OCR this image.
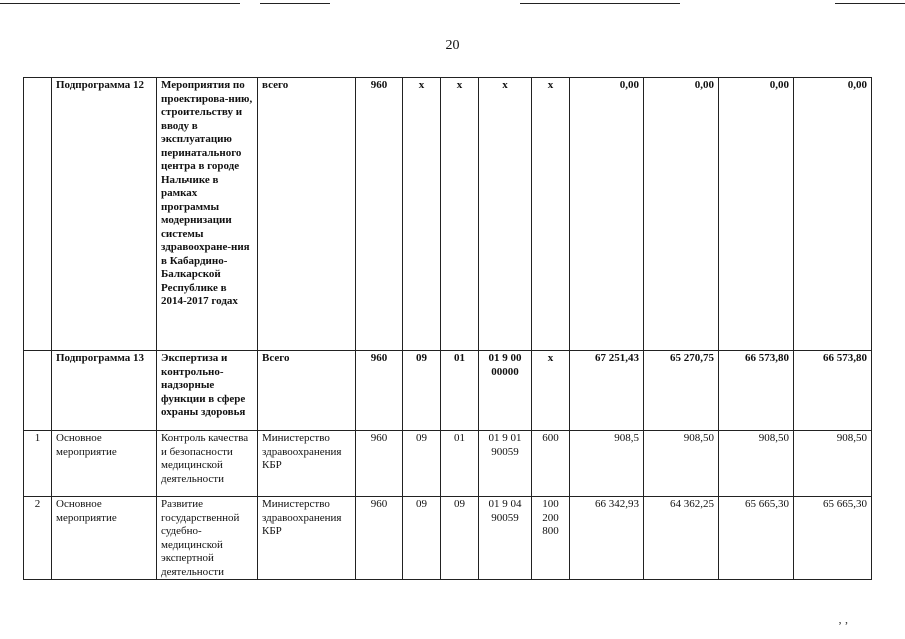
20
	Подпрограмма 12	Мероприятия по проектирова-нию, строительству и вводу в эксплуатацию перинатального центра в городе Нальчике в рамках программы модернизации системы здравоохране-ния в Кабардино-Балкарской Республике в 2014-2017 годах	всего	960	х	х	х	х	0,00	0,00	0,00	0,00
	Подпрограмма 13	Экспертиза и контрольно-надзорные функции в сфере охраны здоровья	Всего	960	09	01	01 9 00 00000	х	67 251,43	65 270,75	66 573,80	66 573,80
1	Основное мероприятие	Контроль качества и безопасности медицинской деятельности	Министерство здравоохранения КБР	960	09	01	01 9 01 90059	600	908,5	908,50	908,50	908,50
2	Основное мероприятие	Развитие государственной судебно-медицинской экспертной деятельности	Министерство здравоохранения КБР	960	09	09	01 9 04 90059	100 200 800	66 342,93	64 362,25	65 665,30	65 665,30
‚ ,
